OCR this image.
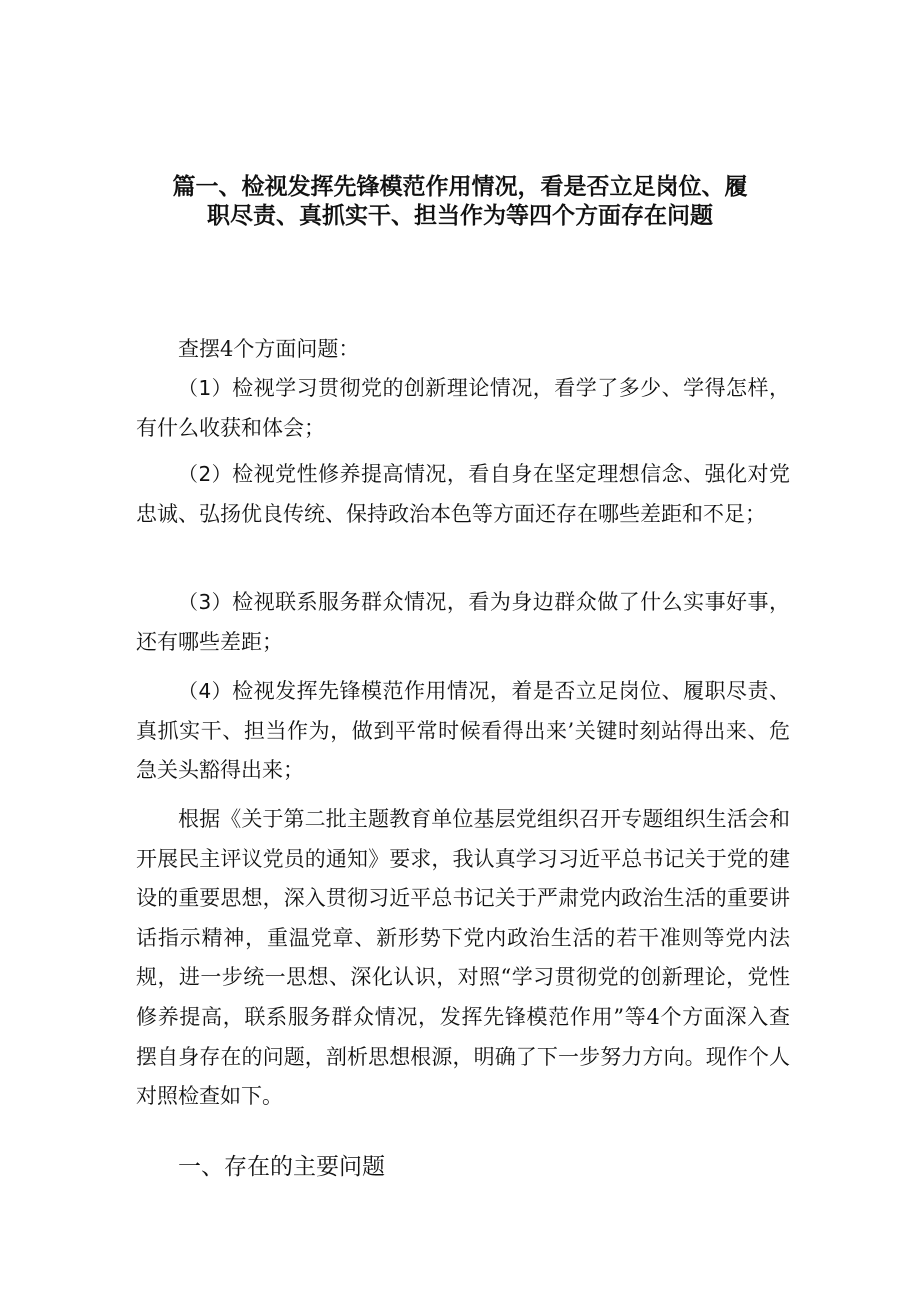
篇一、检视发挥先锋模范作用情况，看是否立足岗位、履
职尽责、真抓实干、担当作为等四个方面存在问题

查摆4个方面问题：

（1）检视学习贯彻党的创新理论情况，看学了多少、学得怎样，有什么收获和体会；

（2）检视党性修养提高情况，看自身在坚定理想信念、强化对党忠诚、弘扬优良传统、保持政治本色等方面还存在哪些差距和不足；

（3）检视联系服务群众情况，看为身边群众做了什么实事好事，还有哪些差距；

（4）检视发挥先锋模范作用情况，着是否立足岗位、履职尽责、真抓实干、担当作为，做到平常时候看得出来’关键时刻站得出来、危急关头豁得出来；

根据《关于第二批主题教育单位基层党组织召开专题组织生活会和开展民主评议党员的通知》要求，我认真学习习近平总书记关于党的建设的重要思想，深入贯彻习近平总书记关于严肃党内政治生活的重要讲话指示精神，重温党章、新形势下党内政治生活的若干准则等党内法规，进一步统一思想、深化认识，对照“学习贯彻党的创新理论，党性修养提高，联系服务群众情况，发挥先锋模范作用”等4个方面深入查摆自身存在的问题，剖析思想根源，明确了下一步努力方向。现作个人对照检查如下。

一、存在的主要问题
